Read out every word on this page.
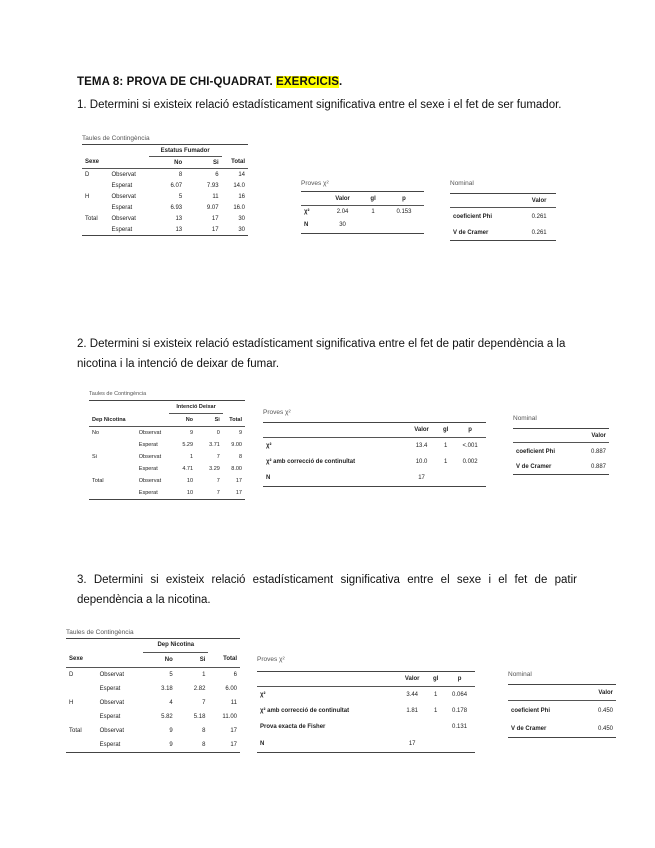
TEMA 8: PROVA DE CHI-QUADRAT. EXERCICIS.
1. Determini si existeix relació estadísticament significativa entre el sexe i el fet de ser fumador.
Taules de Contingència
		Estatus Fumador		
Sexe		No	Si	Total
D	Observat	8	6	14
	Esperat	6.07	7.93	14.0
H	Observat	5	11	16
	Esperat	6.93	9.07	16.0
Total	Observat	13	17	30
	Esperat	13	17	30
Proves χ²
	Valor	gl	p
χ²	2.04	1	0.153
N	30		
Nominal
	Valor
coeficient Phi	0.261
V de Cramer	0.261
2. Determini si existeix relació estadísticament significativa entre el fet de patir dependència a la nicotina i la intenció de deixar de fumar.
Taules de Contingència
		Intenció Deixar		
Dep Nicotina		No	Si	Total
No	Observat	9	0	9
	Esperat	5.29	3.71	9.00
Si	Observat	1	7	8
	Esperat	4.71	3.29	8.00
Total	Observat	10	7	17
	Esperat	10	7	17
Proves χ²
	Valor	gl	p
χ²	13.4	1	<.001
χ² amb correcció de continuïtat	10.0	1	0.002
N	17		
Nominal
	Valor
coeficient Phi	0.887
V de Cramer	0.887
3. Determini si existeix relació estadísticament significativa entre el sexe i el fet de patir dependència a la nicotina.
Taules de Contingència
		Dep Nicotina		
Sexe		No	Si	Total
D	Observat	5	1	6
	Esperat	3.18	2.82	6.00
H	Observat	4	7	11
	Esperat	5.82	5.18	11.00
Total	Observat	9	8	17
	Esperat	9	8	17
Proves χ²
	Valor	gl	p
χ²	3.44	1	0.064
χ² amb correcció de continuïtat	1.81	1	0.178
Prova exacta de Fisher			0.131
N	17		
Nominal
	Valor
coeficient Phi	0.450
V de Cramer	0.450
